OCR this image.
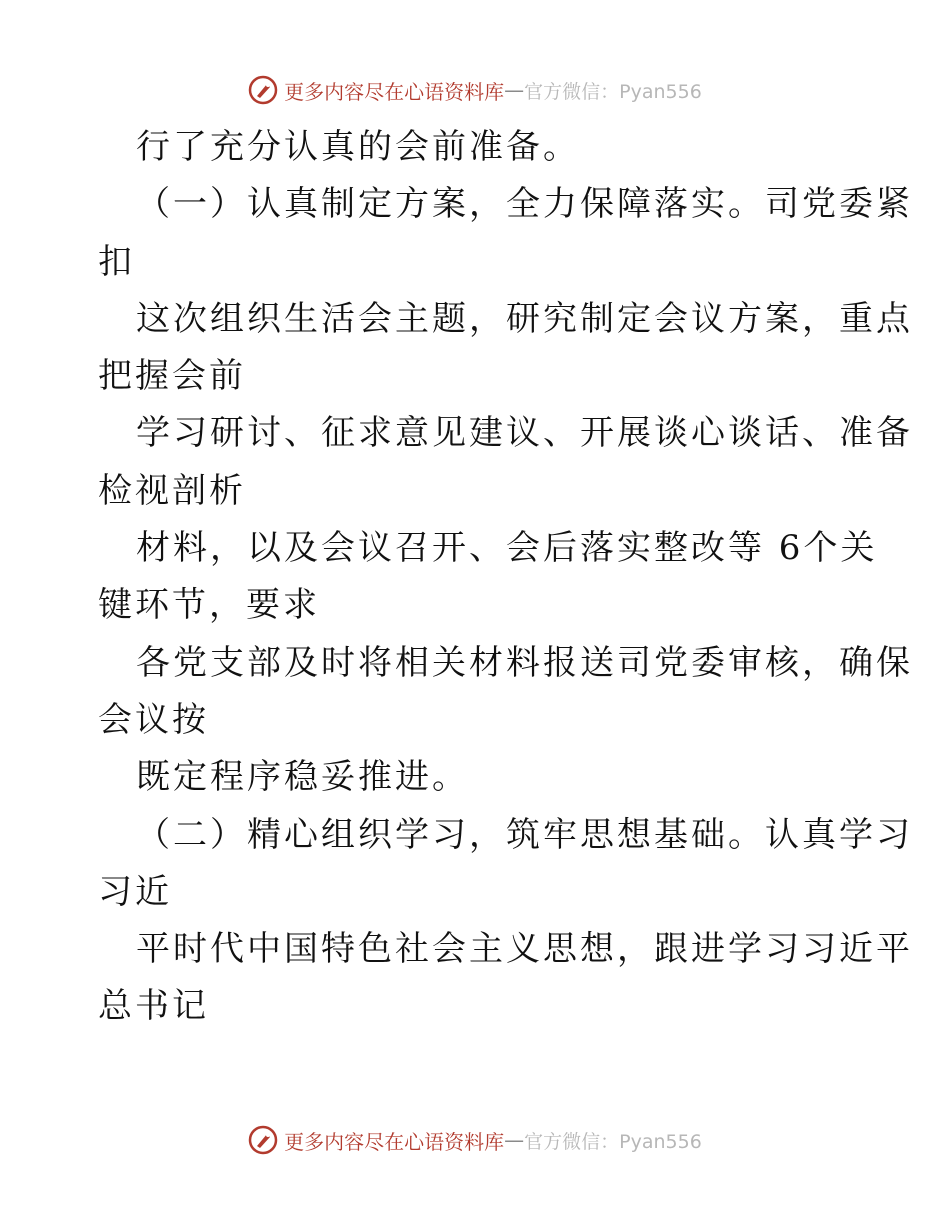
更多内容尽在心语资料库 — 官方微信：Pyan556
行了充分认真的会前准备。
（一）认真制定方案，全力保障落实。司党委紧
扣
这次组织生活会主题，研究制定会议方案，重点
把握会前
学习研讨、征求意见建议、开展谈心谈话、准备
检视剖析
材料，以及会议召开、会后落实整改等 6个关
键环节，要求
各党支部及时将相关材料报送司党委审核，确保
会议按
既定程序稳妥推进。
（二）精心组织学习，筑牢思想基础。认真学习
习近
平时代中国特色社会主义思想，跟进学习习近平
总书记
更多内容尽在心语资料库 — 官方微信：Pyan556
